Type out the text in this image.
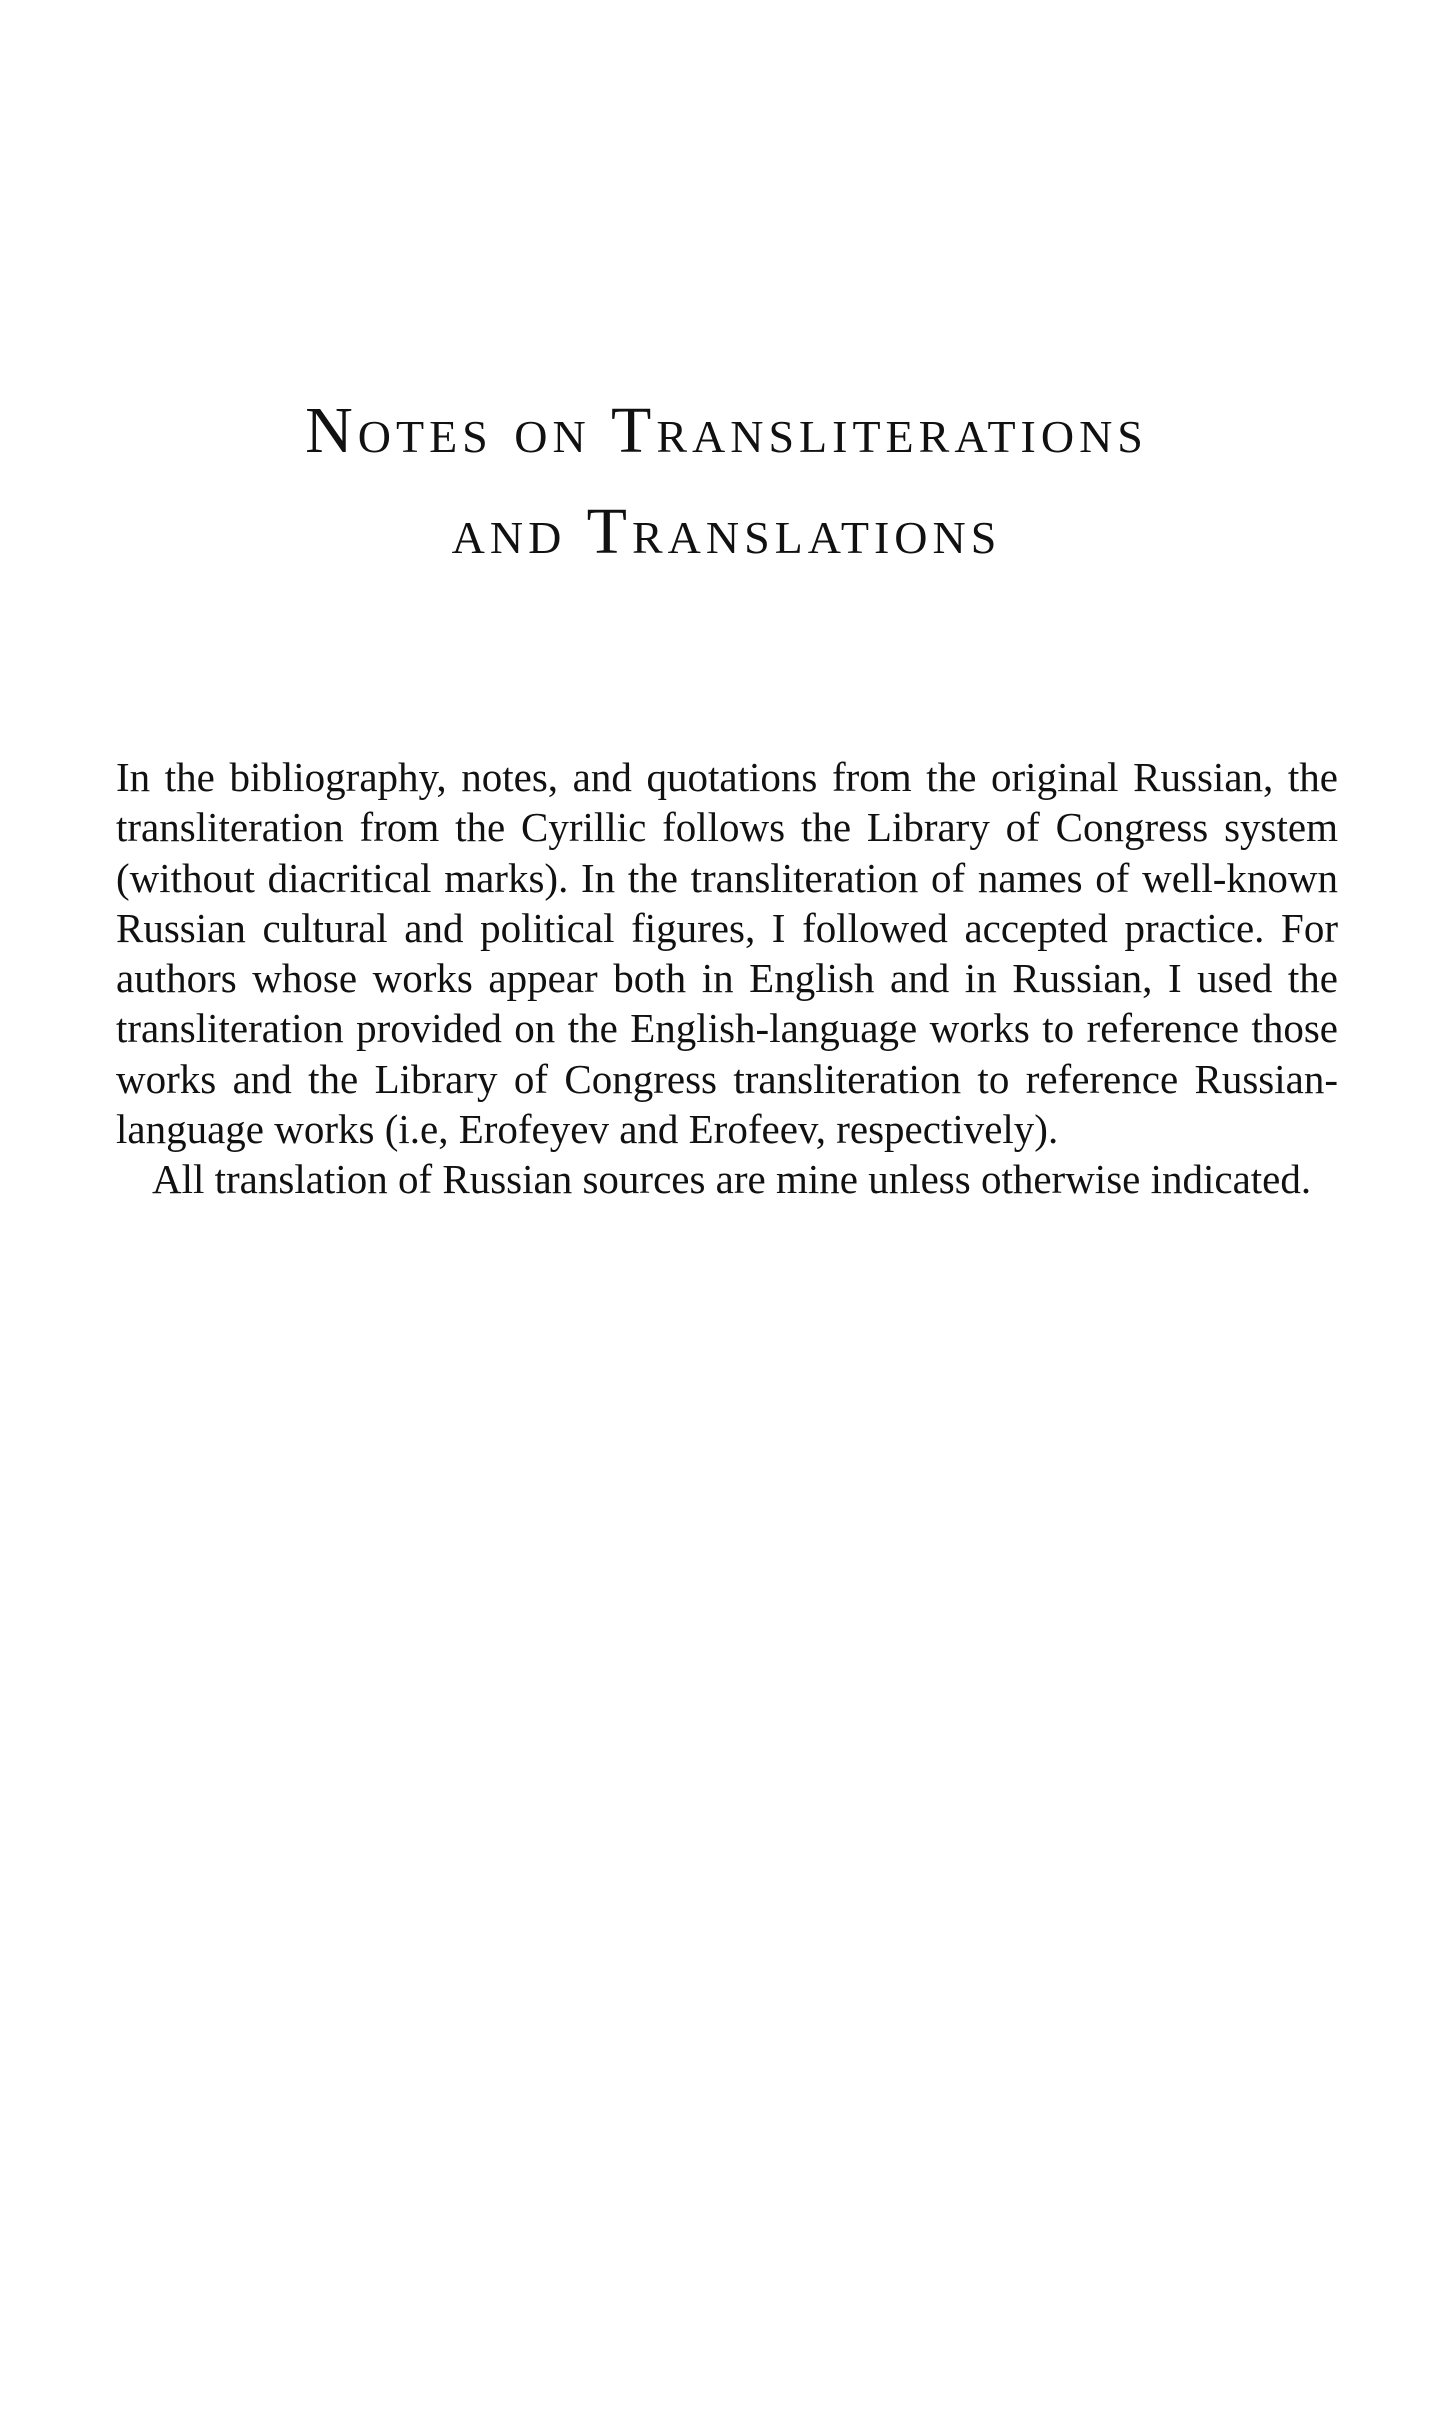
Notes on Transliterations
and Translations

In the bibliography, notes, and quotations from the original Russian, the transliteration from the Cyrillic follows the Library of Congress system (without diacritical marks). In the transliteration of names of well-known Russian cultural and political figures, I followed accepted practice. For authors whose works appear both in English and in Russian, I used the transliteration provided on the English-language works to reference those works and the Library of Congress transliteration to reference Russian-language works (i.e, Erofeyev and Erofeev, respectively).

All translation of Russian sources are mine unless otherwise indicated.
